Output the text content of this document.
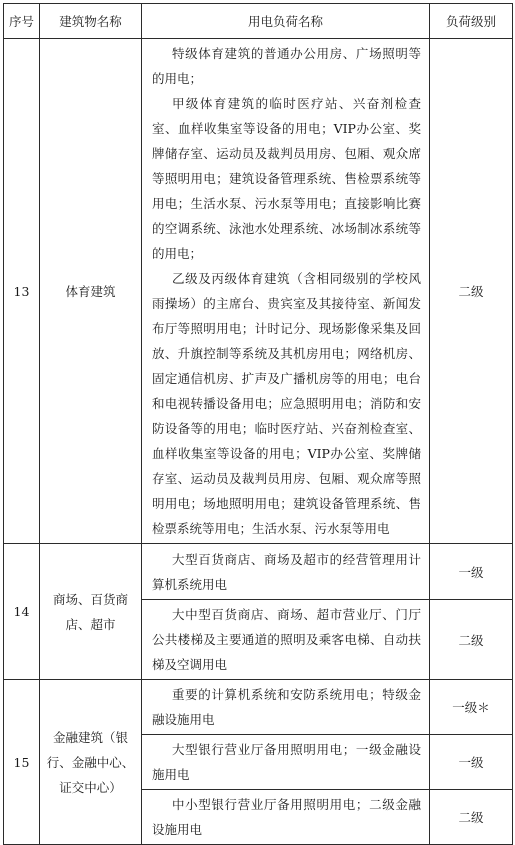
序号	建筑物名称	用电负荷名称	负荷级别
13	体育建筑	特级体育建筑的普通办公用房、广场照明等的用电；
甲级体育建筑的临时医疗站、兴奋剂检查室、血样收集室等设备的用电；VIP办公室、奖牌储存室、运动员及裁判员用房、包厢、观众席等照明用电；建筑设备管理系统、售检票系统等用电；生活水泵、污水泵等用电；直接影响比赛的空调系统、泳池水处理系统、冰场制冰系统等的用电；
乙级及丙级体育建筑（含相同级别的学校风雨操场）的主席台、贵宾室及其接待室、新闻发布厅等照明用电；计时记分、现场影像采集及回放、升旗控制等系统及其机房用电；网络机房、固定通信机房、扩声及广播机房等的用电；电台和电视转播设备用电；应急照明用电；消防和安防设备等的用电；临时医疗站、兴奋剂检查室、血样收集室等设备的用电；VIP办公室、奖牌储存室、运动员及裁判员用房、包厢、观众席等照明用电；场地照明用电；建筑设备管理系统、售检票系统等用电；生活水泵、污水泵等用电	二级
14	商场、百货商店、超市	大型百货商店、商场及超市的经营管理用计算机系统用电	一级

		大中型百货商店、商场、超市营业厅、门厅公共楼梯及主要通道的照明及乘客电梯、自动扶梯及空调用电	二级
15	金融建筑（银行、金融中心、证交中心）	重要的计算机系统和安防系统用电；特级金融设施用电	一级＊

		大型银行营业厅备用照明用电；一级金融设施用电	一级

		中小型银行营业厅备用照明用电；二级金融设施用电	二级
